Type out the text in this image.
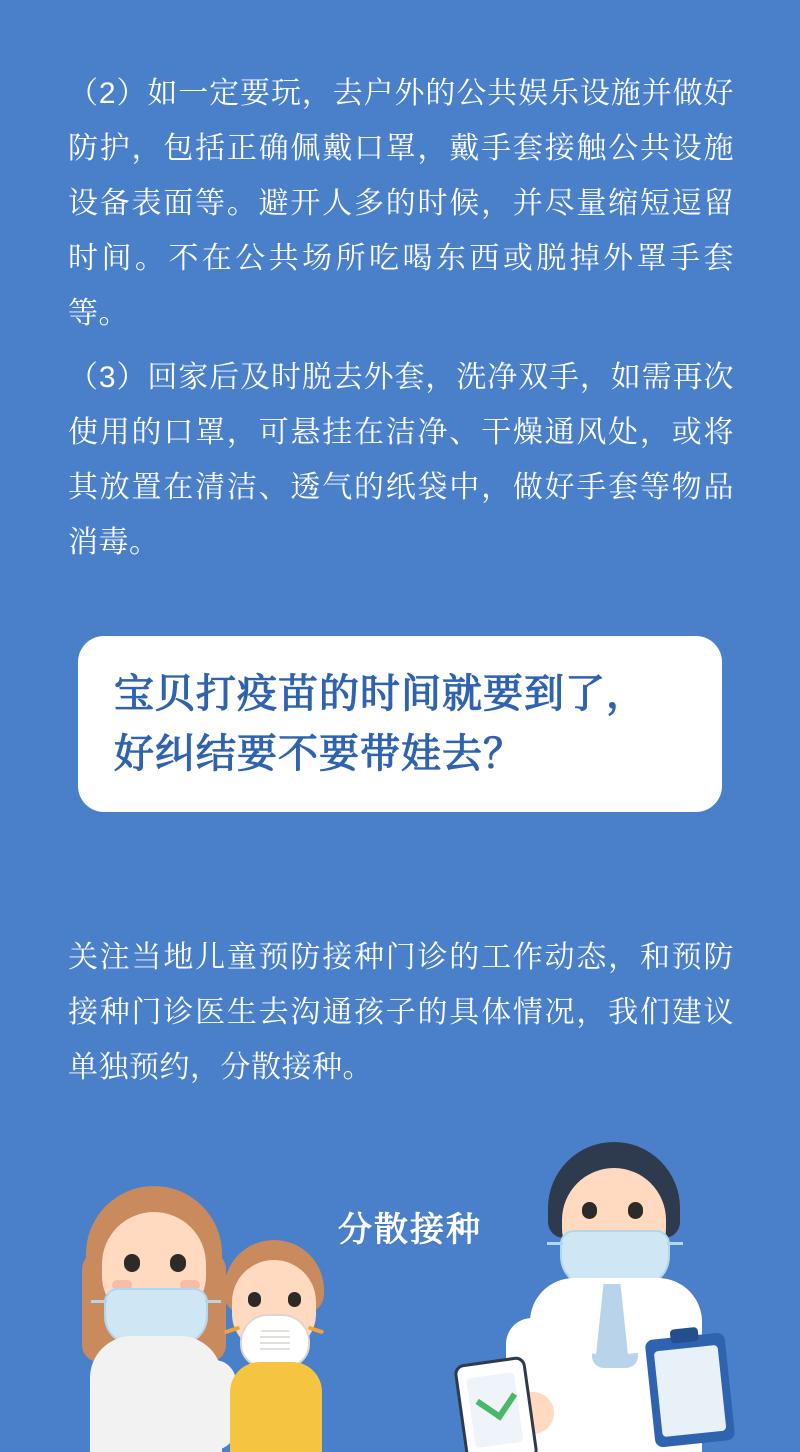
（2）如一定要玩，去户外的公共娱乐设施并做好防护，包括正确佩戴口罩，戴手套接触公共设施设备表面等。避开人多的时候，并尽量缩短逗留时间。不在公共场所吃喝东西或脱掉外罩手套等。

（3）回家后及时脱去外套，洗净双手，如需再次使用的口罩，可悬挂在洁净、干燥通风处，或将其放置在清洁、透气的纸袋中，做好手套等物品消毒。

宝贝打疫苗的时间就要到了，好纠结要不要带娃去？

关注当地儿童预防接种门诊的工作动态，和预防接种门诊医生去沟通孩子的具体情况，我们建议单独预约，分散接种。

分散接种
